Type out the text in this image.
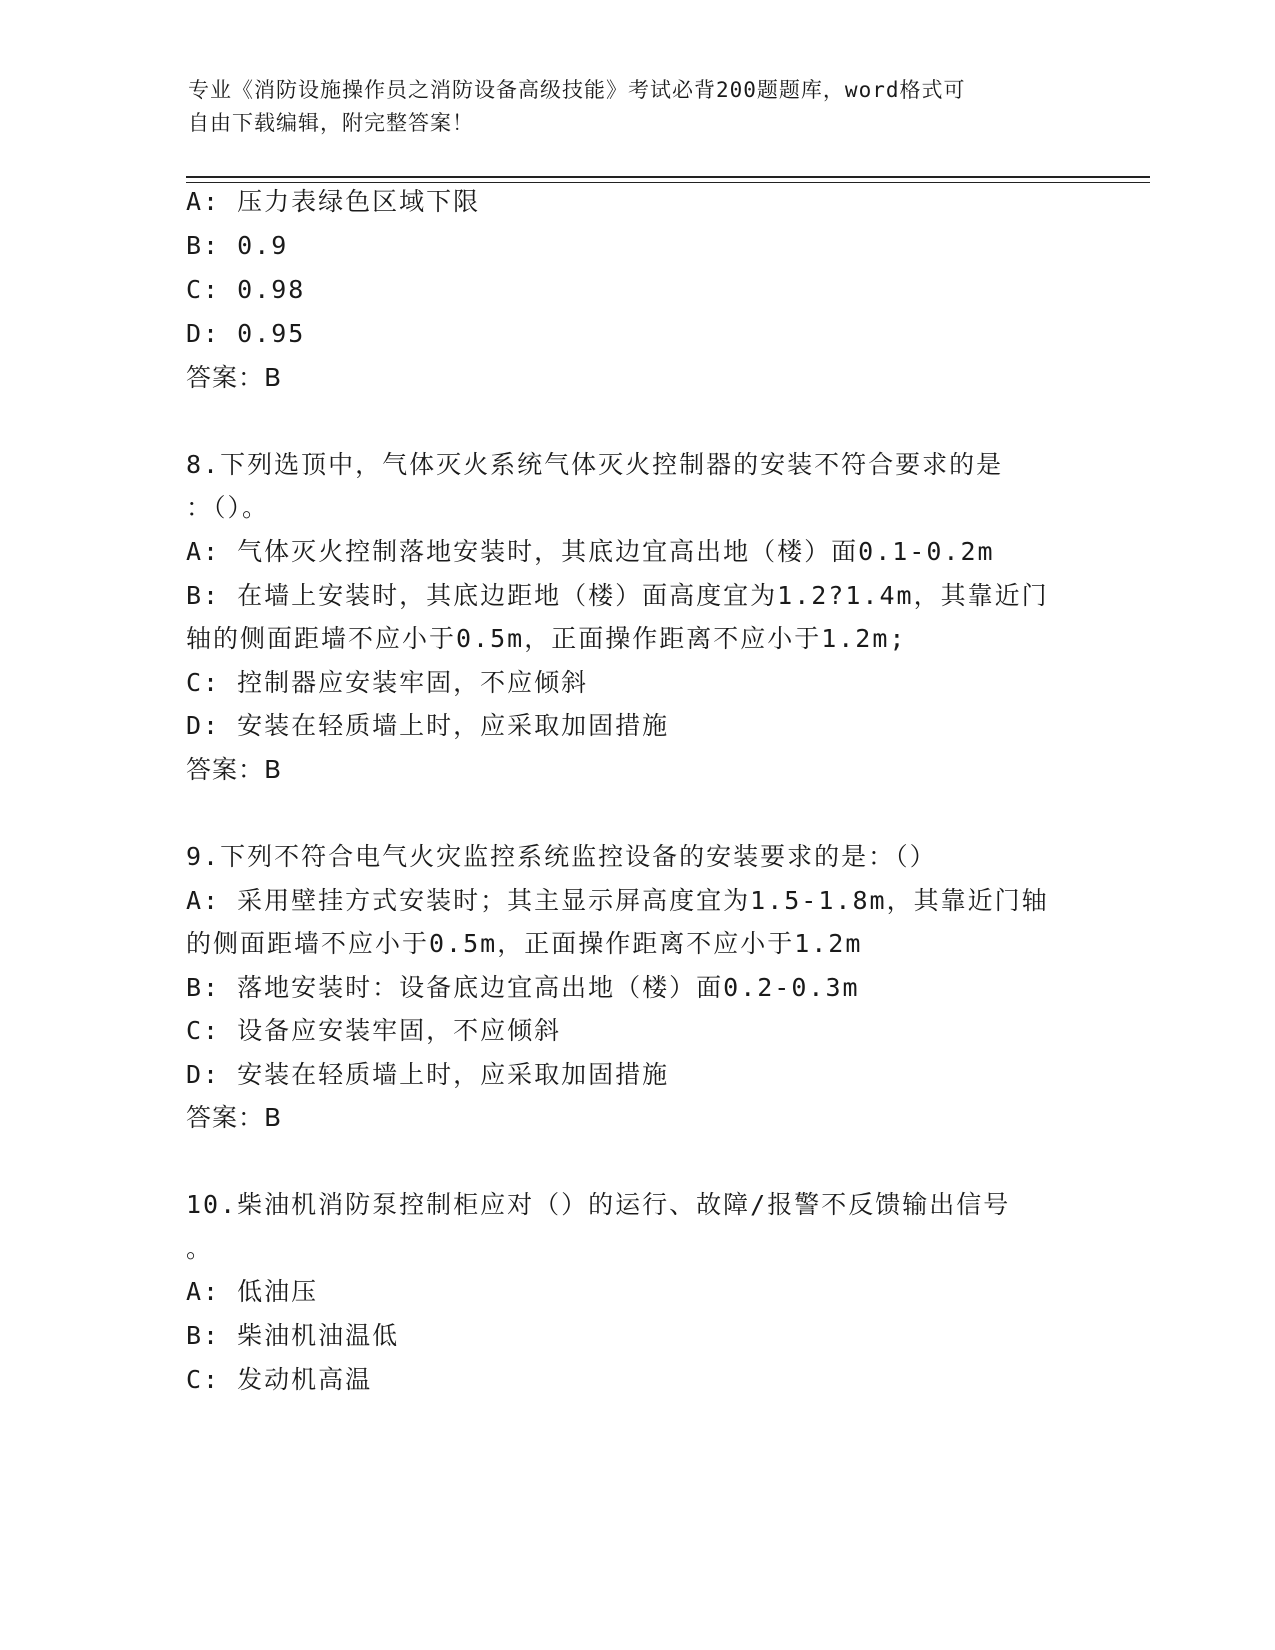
专业《消防设施操作员之消防设备高级技能》考试必背200题题库，word格式可
自由下载编辑，附完整答案！
A: 压力表绿色区域下限
B: 0.9
C: 0.98
D: 0.95
答案：B
8.下列选顶中，气体灭火系统气体灭火控制器的安装不符合要求的是
：（）。
A: 气体灭火控制落地安装时，其底边宜高出地（楼）面0.1-0.2m
B: 在墙上安装时，其底边距地（楼）面高度宜为1.2?1.4m，其靠近门
轴的侧面距墙不应小于0.5m，正面操作距离不应小于1.2m;
C: 控制器应安装牢固，不应倾斜
D: 安装在轻质墙上时，应采取加固措施
答案：B
9.下列不符合电气火灾监控系统监控设备的安装要求的是：（）
A: 采用壁挂方式安装时；其主显示屏高度宜为1.5-1.8m，其靠近门轴
的侧面距墙不应小于0.5m，正面操作距离不应小于1.2m
B: 落地安装时：设备底边宜高出地（楼）面0.2-0.3m
C: 设备应安装牢固，不应倾斜
D: 安装在轻质墙上时，应采取加固措施
答案：B
10.柴油机消防泵控制柜应对（）的运行、故障/报警不反馈输出信号
。
A: 低油压
B: 柴油机油温低
C: 发动机高温
